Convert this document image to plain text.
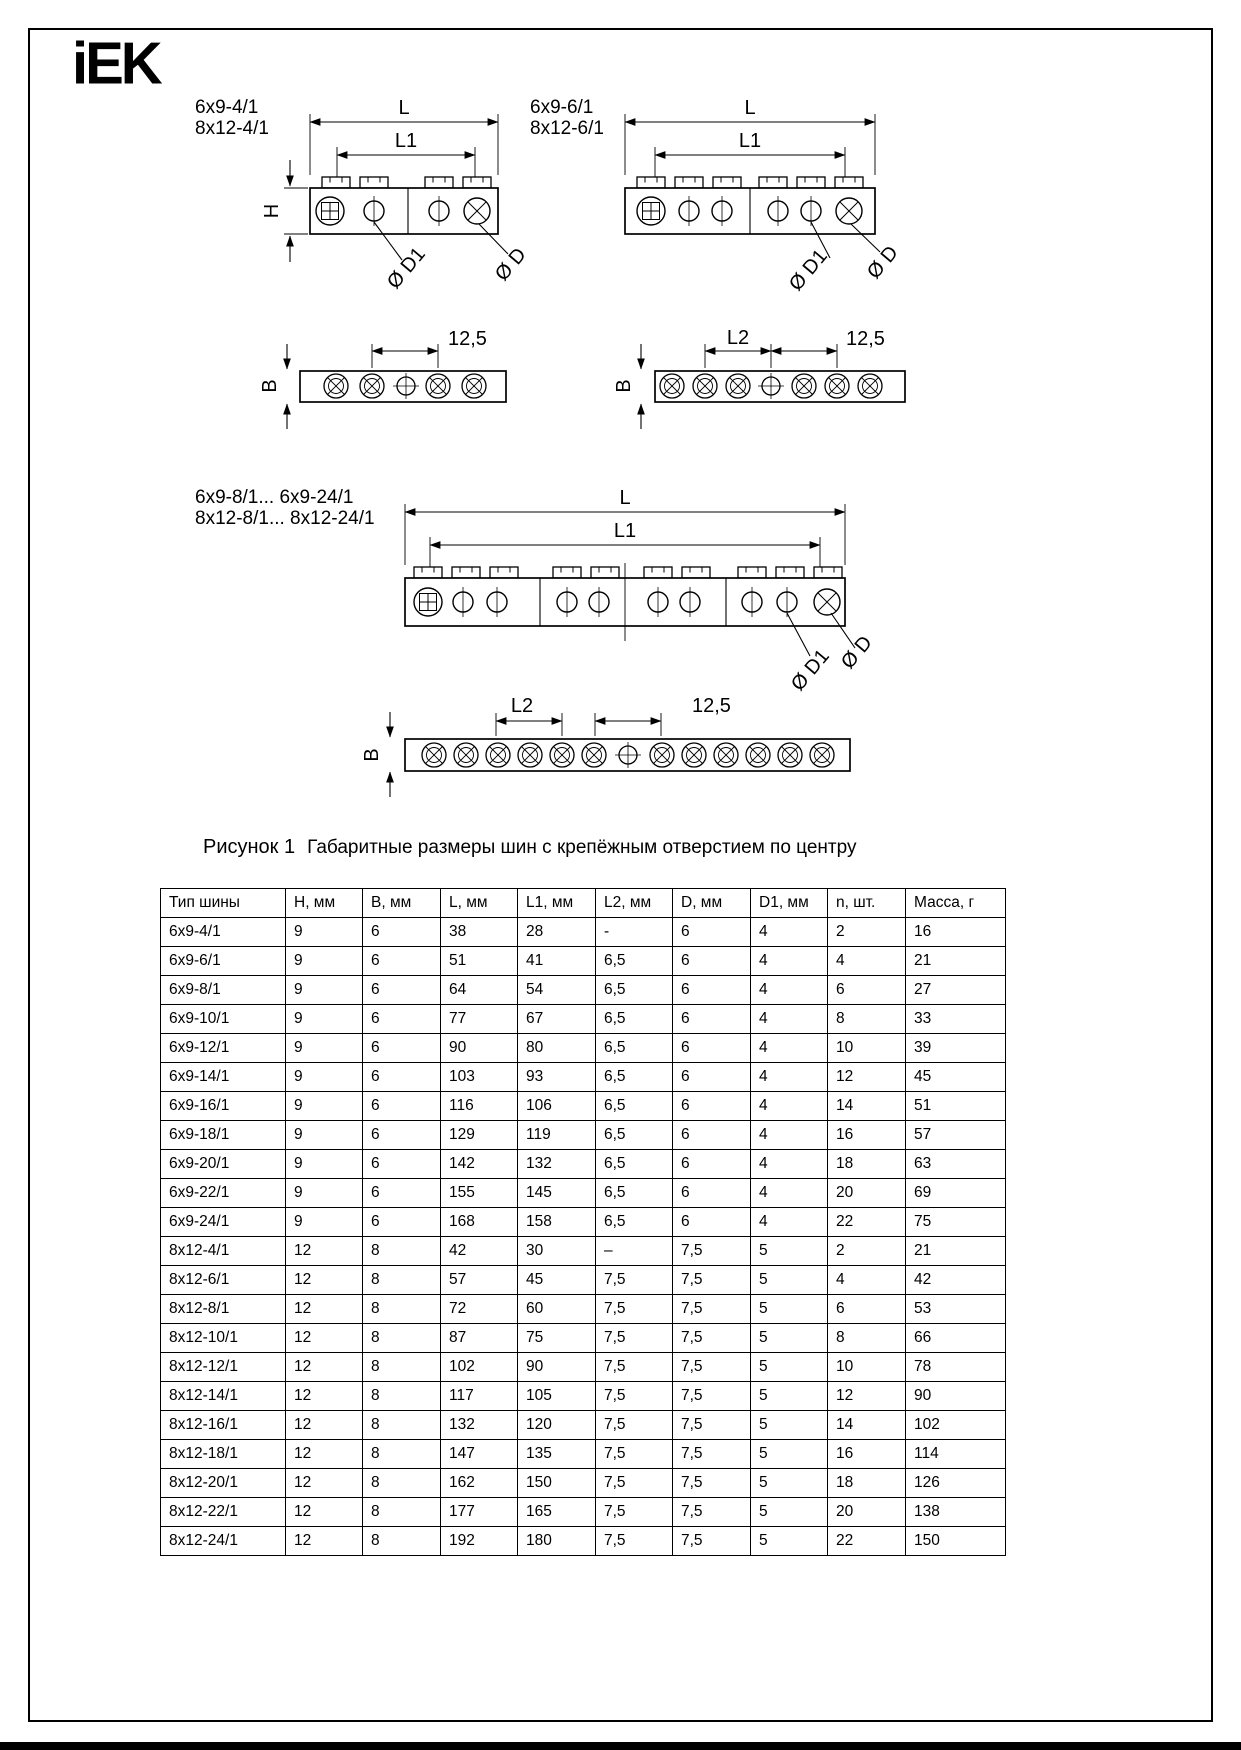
iEK
6x9-4/1
8x12-4/1
L
L1
H
Ø D1	Ø D
12,5
B
6x9-6/1
8x12-6/1
L
L1
Ø D1 Ø D
L2	12,5
B
6x9-8/1... 6x9-24/1
8x12-8/1... 8x12-24/1
L
L1
Ø D1 Ø D
L2	12,5
B
Рисунок 1 Габаритные размеры шин с крепёжным отверстием по центру
Тип шины	H, мм	B, мм	L, мм	L1, мм	L2, мм	D, мм	D1, мм	n, шт.	Масса, г
6x9-4/1	9	6	38	28	-	6	4	2	16
6x9-6/1	9	6	51	41	6,5	6	4	4	21
6x9-8/1	9	6	64	54	6,5	6	4	6	27
6x9-10/1	9	6	77	67	6,5	6	4	8	33
6x9-12/1	9	6	90	80	6,5	6	4	10	39
6x9-14/1	9	6	103	93	6,5	6	4	12	45
6x9-16/1	9	6	116	106	6,5	6	4	14	51
6x9-18/1	9	6	129	119	6,5	6	4	16	57
6x9-20/1	9	6	142	132	6,5	6	4	18	63
6x9-22/1	9	6	155	145	6,5	6	4	20	69
6x9-24/1	9	6	168	158	6,5	6	4	22	75
8x12-4/1	12	8	42	30	–	7,5	5	2	21
8x12-6/1	12	8	57	45	7,5	7,5	5	4	42
8x12-8/1	12	8	72	60	7,5	7,5	5	6	53
8x12-10/1	12	8	87	75	7,5	7,5	5	8	66
8x12-12/1	12	8	102	90	7,5	7,5	5	10	78
8x12-14/1	12	8	117	105	7,5	7,5	5	12	90
8x12-16/1	12	8	132	120	7,5	7,5	5	14	102
8x12-18/1	12	8	147	135	7,5	7,5	5	16	114
8x12-20/1	12	8	162	150	7,5	7,5	5	18	126
8x12-22/1	12	8	177	165	7,5	7,5	5	20	138
8x12-24/1	12	8	192	180	7,5	7,5	5	22	150
